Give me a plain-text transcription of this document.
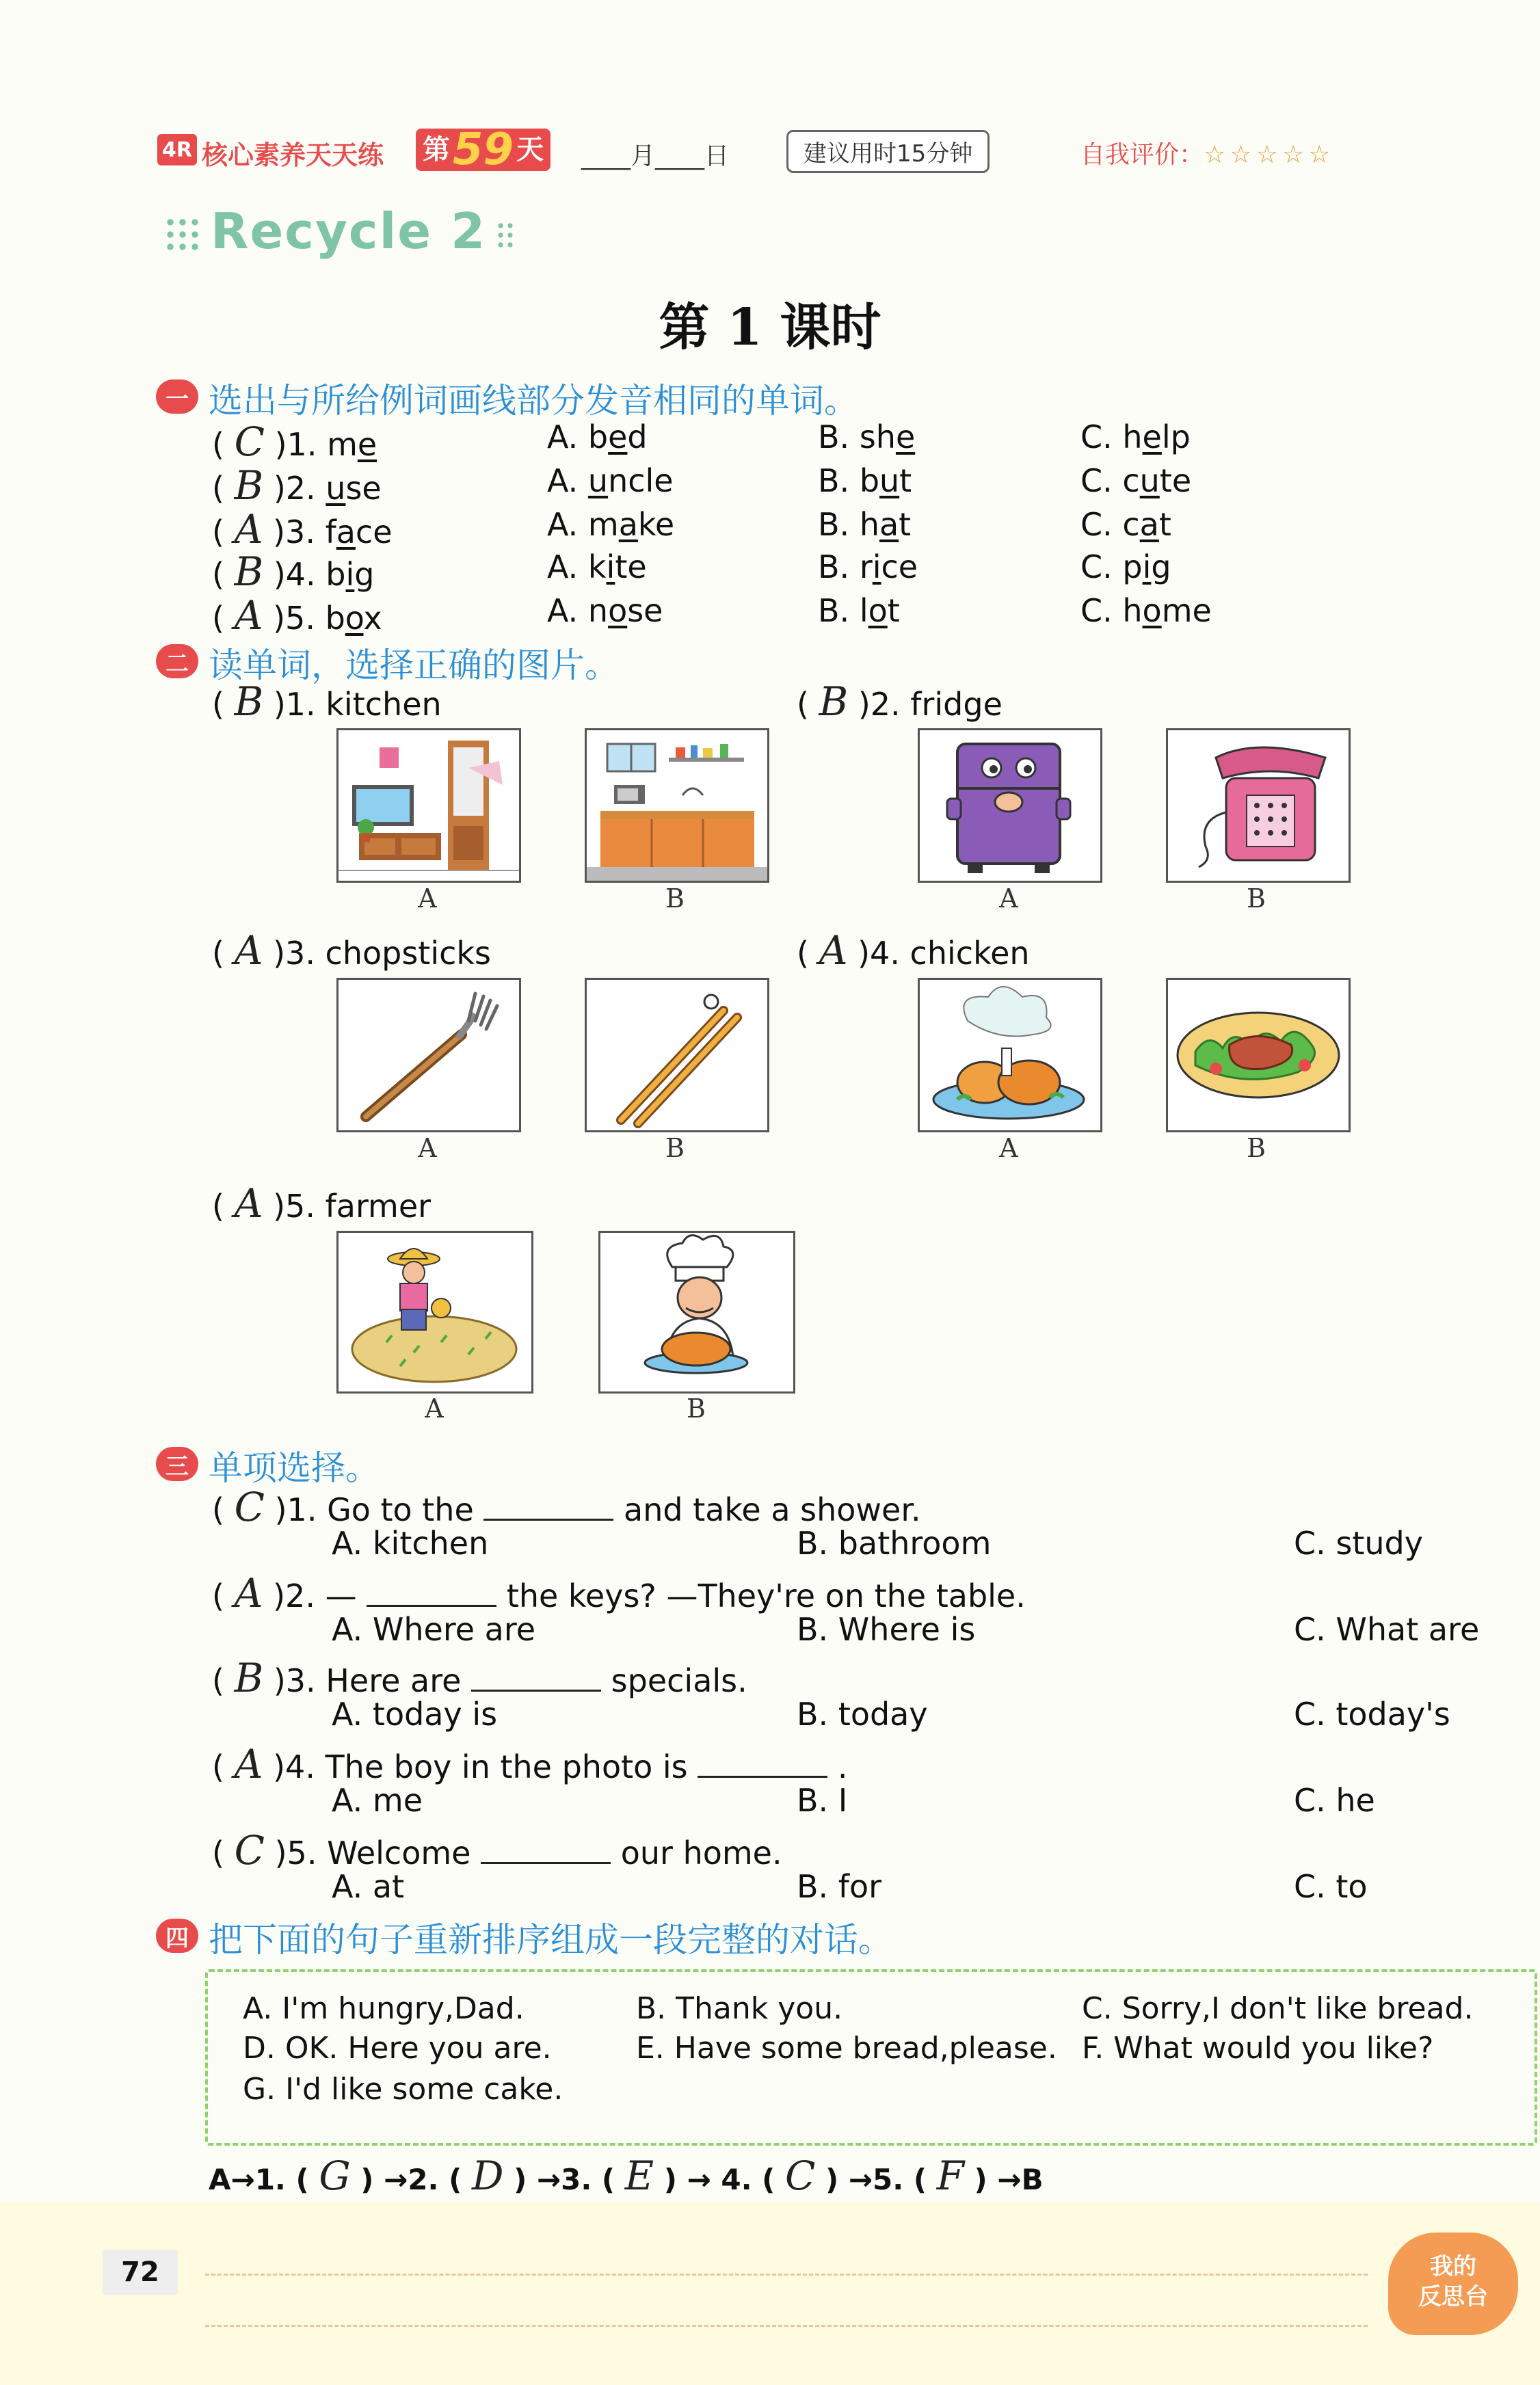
4R 核心素养天天练 第 59 天 ____月____日	建议用时15分钟	自我评价：☆☆☆☆☆
Recycle 2
第 1 课时
一 选出与所给例词画线部分发音相同的单词。
( C )1. me	A. bed	B. she	C. help
( B )2. use	A. uncle	B. but	C. cute
( A )3. face	A. make	B. hat	C. cat
( B )4. big	A. kite	B. rice	C. pig
( A )5. box	A. nose	B. lot	C. home
二 读单词，选择正确的图片。
( B )1. kitchen
A	B
( B )2. fridge
A	B
( A )3. chopsticks
A	B
( A )4. chicken
A	B
( A )5. farmer
A	B
三 单项选择。
( C )1. Go to the	and take a shower.
A. kitchen	B. bathroom	C. study
( A )2. —	the keys? —They're on the table.
A. Where are	B. Where is	C. What are
( B )3. Here are	specials.
A. today is	B. today	C. today's
( A )4. The boy in the photo is	.
A. me	B. I	C. he
( C )5. Welcome	our home.
A. at	B. for	C. to
四 把下面的句子重新排序组成一段完整的对话。
A. I'm hungry,Dad.	B. Thank you.	C. Sorry,I don't like bread.
D. OK. Here you are.	E. Have some bread,please. F. What would you like?
G. I'd like some cake.
A→1. ( G ) →2. ( D ) →3. ( E ) → 4. ( C ) →5. ( F ) →B
72	我的
反思台
